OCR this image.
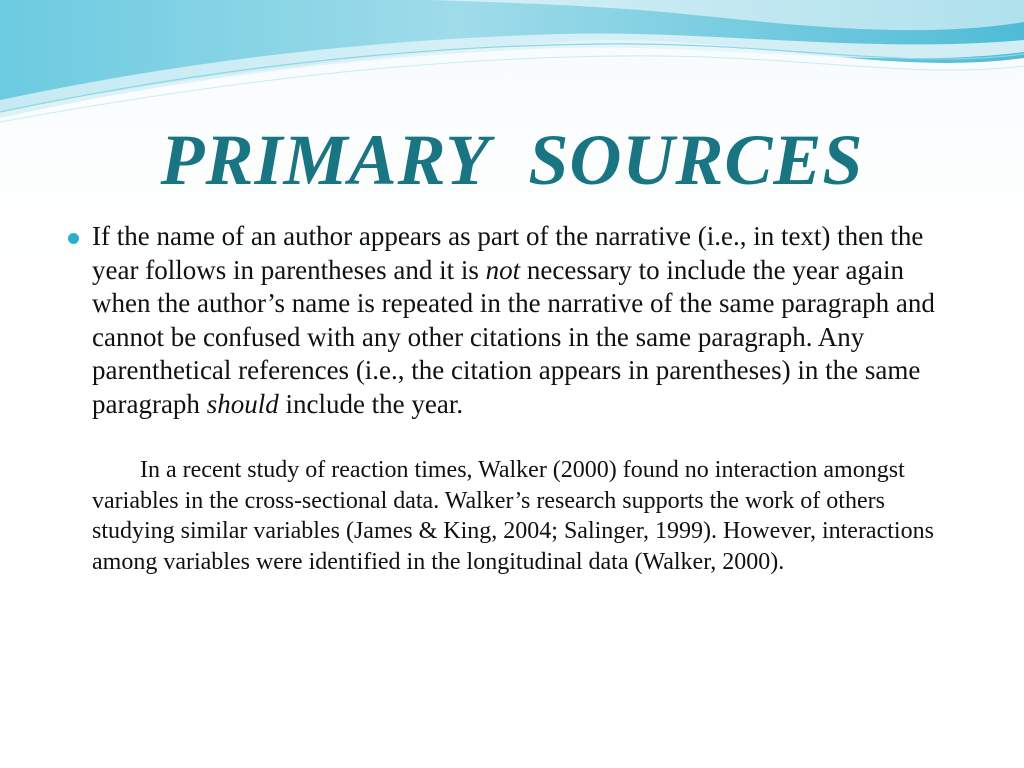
PRIMARY SOURCES
If the name of an author appears as part of the narrative (i.e., in text) then the year follows in parentheses and it is not necessary to include the year again when the author’s name is repeated in the narrative of the same paragraph and cannot be confused with any other citations in the same paragraph. Any parenthetical references (i.e., the citation appears in parentheses) in the same paragraph should include the year.
In a recent study of reaction times, Walker (2000) found no interaction amongst variables in the cross-sectional data. Walker’s research supports the work of others studying similar variables (James & King, 2004; Salinger, 1999). However, interactions among variables were identified in the longitudinal data (Walker, 2000).
